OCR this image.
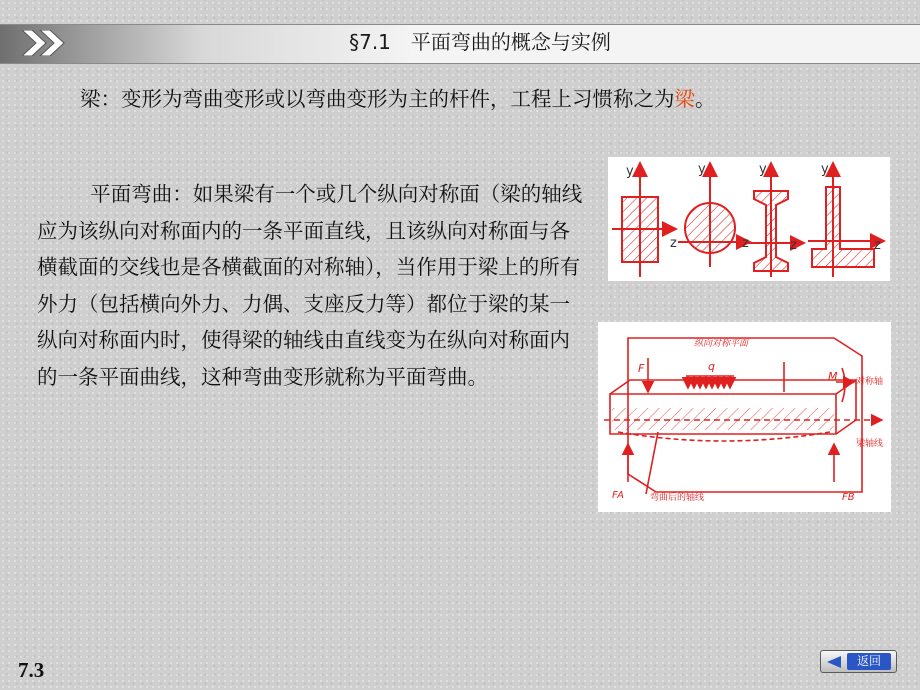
§7.1　平面弯曲的概念与实例
梁：变形为弯曲变形或以弯曲变形为主的杆件，工程上习惯称之为梁。

平面弯曲：如果梁有一个或几个纵向对称面（梁的轴线应为该纵向对称面内的一条平面直线，且该纵向对称面与各横截面的交线也是各横截面的对称轴），当作用于梁上的所有外力（包括横向外力、力偶、支座反力等）都位于梁的某一纵向对称面内时，使得梁的轴线由直线变为在纵向对称面内的一条平面曲线，这种弯曲变形就称为平面弯曲。

y
z
y
z
y
z
y
z
纵向对称平面
F	q
M 对称轴
梁轴线
FA	弯曲后的轴线	FB
7.3	返回
